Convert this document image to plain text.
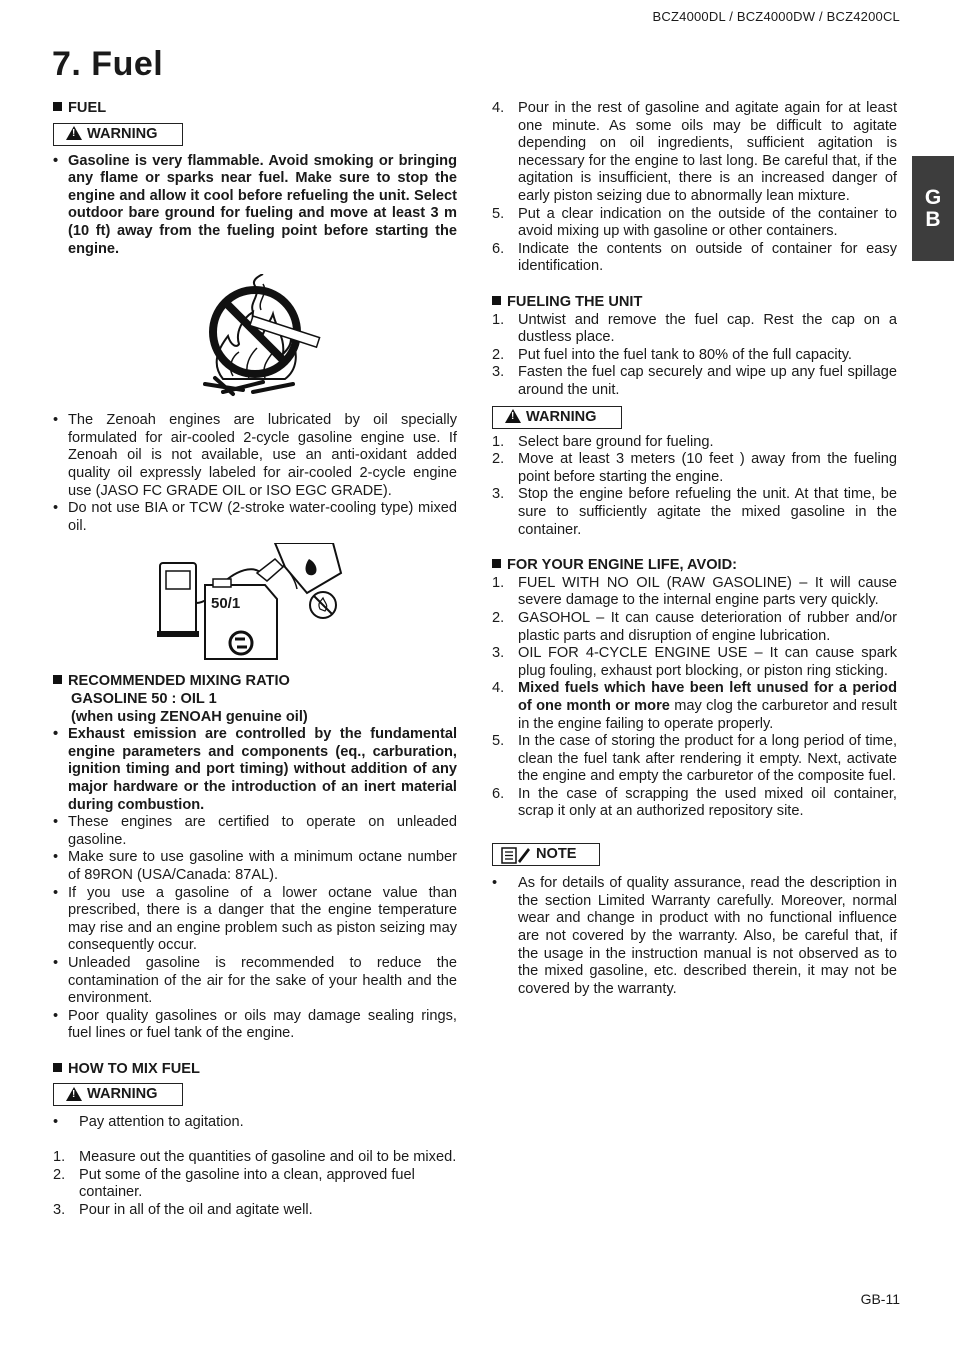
BCZ4000DL / BCZ4000DW / BCZ4200CL
7. Fuel
G
B

FUEL

!
WARNING
• Gasoline is very flammable. Avoid smoking or bringing any flame or sparks near fuel. Make sure to stop the engine and allow it cool before refueling the unit. Select outdoor bare ground for fueling and move at least 3 m (10 ft) away from the fueling point before starting the engine.
• The Zenoah engines are lubricated by oil specially formulated for air-cooled 2-cycle gasoline engine use. If Zenoah oil is not available, use an anti-oxidant added quality oil expressly labeled for air-cooled 2-cycle engine use (JASO FC GRADE OIL or ISO EGC GRADE).
• Do not use BIA or TCW (2-stroke water-cooling type) mixed oil.
50/1

RECOMMENDED MIXING RATIO

GASOLINE 50 : OIL 1

(when using ZENOAH genuine oil)

• Exhaust emission are controlled by the fundamental engine parameters and components (eq., carburation, ignition timing and port timing) without addition of any major hardware or the introduction of an inert material during combustion.
• These engines are certified to operate on unleaded gasoline.
• Make sure to use gasoline with a minimum octane number of 89RON (USA/Canada: 87AL).
• If you use a gasoline of a lower octane value than prescribed, there is a danger that the engine temperature may rise and an engine problem such as piston seizing may consequently occur.
• Unleaded gasoline is recommended to reduce the contamination of the air for the sake of your health and the environment.
• Poor quality gasolines or oils may damage sealing rings, fuel lines or fuel tank of the engine.

HOW TO MIX FUEL

!
WARNING
• Pay attention to agitation.
1. Measure out the quantities of gasoline and oil to be mixed.
2. Put some of the gasoline into a clean, approved fuel container.
3. Pour in all of the oil and agitate well.
4. Pour in the rest of gasoline and agitate again for at least one minute. As some oils may be difficult to agitate depending on oil ingredients, sufficient agitation is necessary for the engine to last long. Be careful that, if the agitation is insufficient, there is an increased danger of early piston seizing due to abnormally lean mixture.
5. Put a clear indication on the outside of the container to avoid mixing up with gasoline or other containers.
6. Indicate the contents on outside of container for easy identification.

FUELING THE UNIT

1. Untwist and remove the fuel cap. Rest the cap on a dustless place.
2. Put fuel into the fuel tank to 80% of the full capacity.
3. Fasten the fuel cap securely and wipe up any fuel spillage around the unit.
!
WARNING
1. Select bare ground for fueling.
2. Move at least 3 meters (10 feet ) away from the fueling point before starting the engine.
3. Stop the engine before refueling the unit. At that time, be sure to sufficiently agitate the mixed gasoline in the container.

FOR YOUR ENGINE LIFE, AVOID:

1. FUEL WITH NO OIL (RAW GASOLINE) – It will cause severe damage to the internal engine parts very quickly.
2. GASOHOL – It can cause deterioration of rubber and/or plastic parts and disruption of engine lubrication.
3. OIL FOR 4-CYCLE ENGINE USE – It can cause spark plug fouling, exhaust port blocking, or piston ring sticking.
4. Mixed fuels which have been left unused for a period of one month or more may clog the carburetor and result in the engine failing to operate properly.
5. In the case of storing the product for a long period of time, clean the fuel tank after rendering it empty. Next, activate the engine and empty the carburetor of the composite fuel.
6. In the case of scrapping the used mixed oil container, scrap it only at an authorized repository site.
NOTE
• As for details of quality assurance, read the description in the section Limited Warranty carefully. Moreover, normal wear and change in product with no functional influence are not covered by the warranty. Also, be careful that, if the usage in the instruction manual is not observed as to the mixed gasoline, etc. described therein, it may not be covered by the warranty.
GB-11
